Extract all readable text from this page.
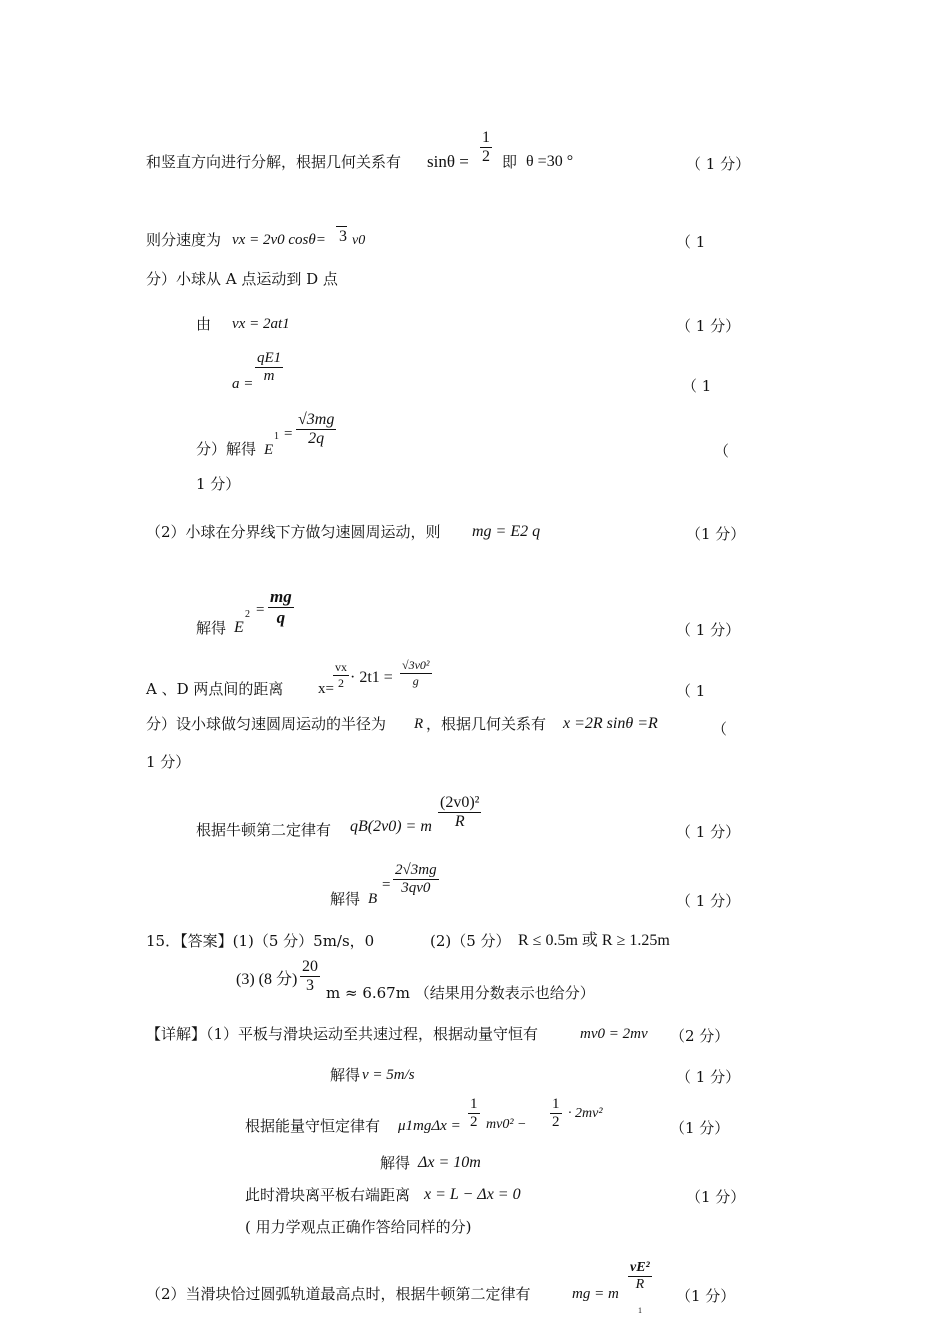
和竖直方向进行分解，根据几何关系有 $\sin\theta = \frac{1}{2}$ 即 θ =30 °	（ 1 分）
则分速度为 vx = 2v0 cosθ= 3 v0	（ 1
分）小球从 A 点运动到 D 点
由 vx = 2at1	（ 1 分）
$a = \frac{qE1}{m}$
（ 1
分）解得 E
$1 = \frac{√3mg}{2q}$
（
1 分）
（2）小球在分界线下方做匀速圆周运动，则 mg = E2 q	（1 分）
解得 E
$2 = \frac{mg}{q}$
（ 1 分）
A 、D 两点间的距离 $x= \frac{vx}{2} \cdot 2t1 = \frac{\text{√3v0²}}{g}$
（ 1
分）设小球做匀速圆周运动的半径为 R ，根据几何关系有 x =2R sinθ =R	（
1 分）
根据牛顿第二定律有 qB(2v0) = m $\frac{\text{(2v0)²}}{R}$
（ 1 分）
解得 B
= $\frac{2√3mg}{3qv0}$
（ 1 分）
15．【答案】(1)（5 分）5m/s，0	(2)（5 分） R ≤ 0.5m 或 R ≥ 1.25m
(3) (8 分) $\frac{20}{3}$ m ≈ 6.67m （结果用分数表示也给分）
【详解】（1）平板与滑块运动至共速过程，根据动量守恒有	mv0 = 2mv （2 分）
解得 v = 5m/s	（ 1 分）
根据能量守恒定律有 $\mu 1mg\Delta x = \frac{1}{2} mv0^2 - \frac{1}{2} \cdot 2mv^2$
（1 分）
解得 Δx = 10m
此时滑块离平板右端距离 x = L − Δx = 0	（1 分）
( 用力学观点正确作答给同样的分)
（2）当滑块恰过圆弧轨道最高点时，根据牛顿第二定律有	mg = m
$\frac{\text{vE²}}{R}$
1
（1 分）
